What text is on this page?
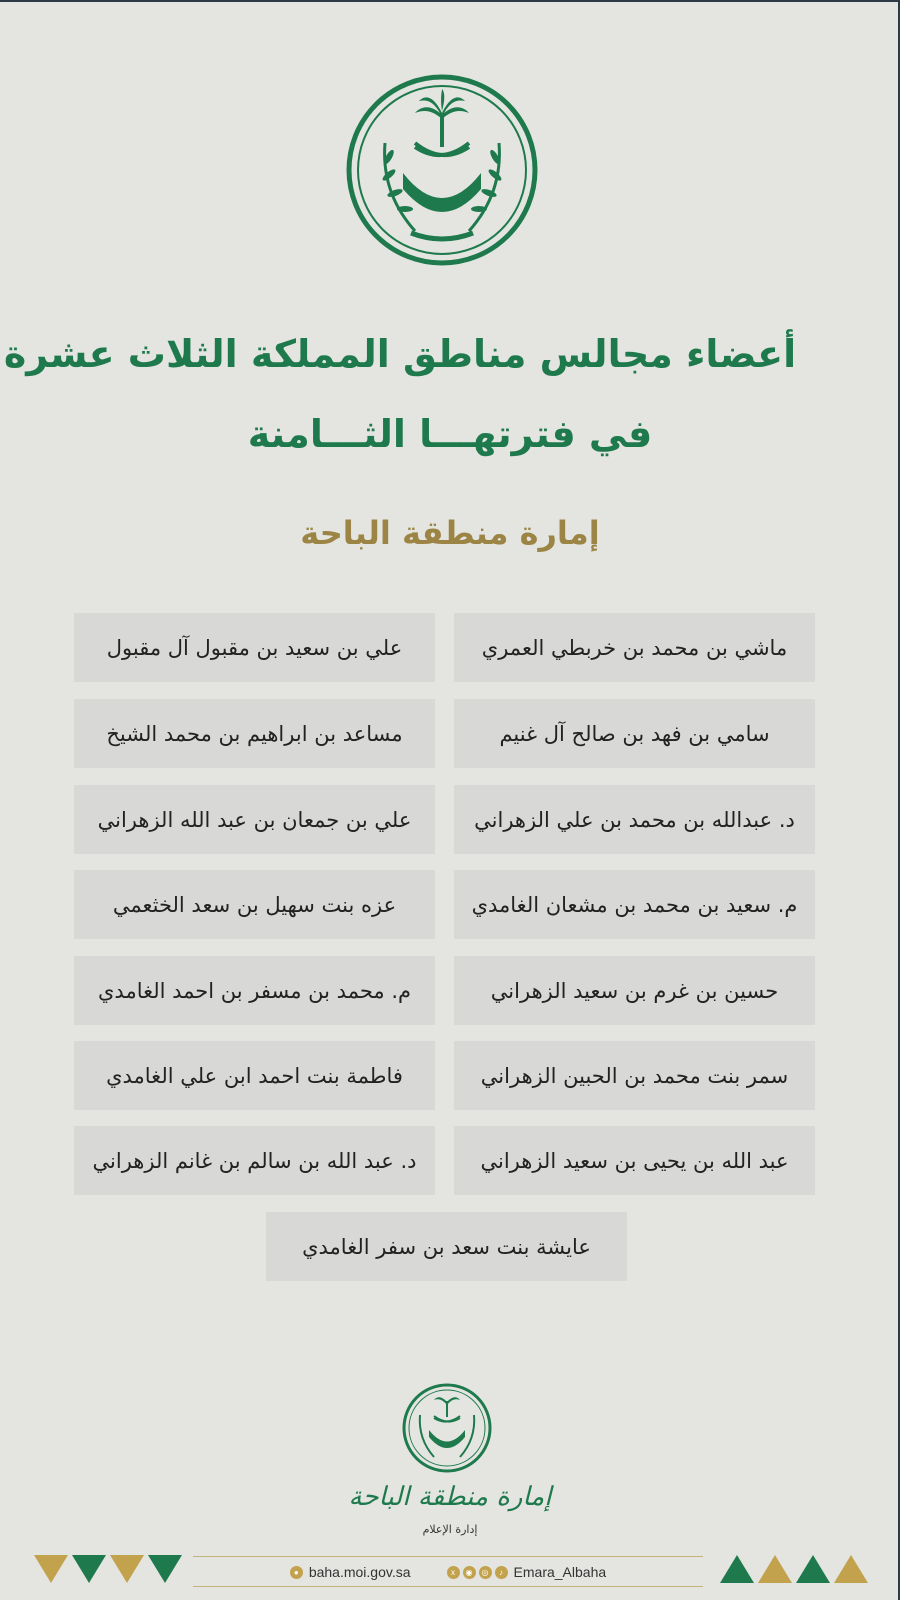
أعضاء مجالس مناطق المملكة الثلاث عشرة
في فترتهـــا الثـــامنة
إمارة منطقة الباحة
ماشي بن محمد بن خربطي العمري
علي بن سعيد بن مقبول آل مقبول
سامي بن فهد بن صالح آل غنيم
مساعد بن ابراهيم بن محمد الشيخ
د. عبدالله بن محمد بن علي الزهراني
علي بن جمعان بن عبد الله الزهراني
م. سعيد بن محمد بن مشعان الغامدي
عزه بنت سهيل بن سعد الخثعمي
حسين بن غرم بن سعيد الزهراني
م. محمد بن مسفر بن احمد الغامدي
سمر بنت محمد بن الحبين الزهراني
فاطمة بنت احمد ابن علي الغامدي
عبد الله بن يحيى بن سعيد الزهراني
د. عبد الله بن سالم بن غانم الزهراني
عايشة بنت سعد بن سفر الغامدي
إمارة منطقة الباحة
إدارة الإعلام
● baha.moi.gov.sa	x	◉	◎	♪ Emara_Albaha
